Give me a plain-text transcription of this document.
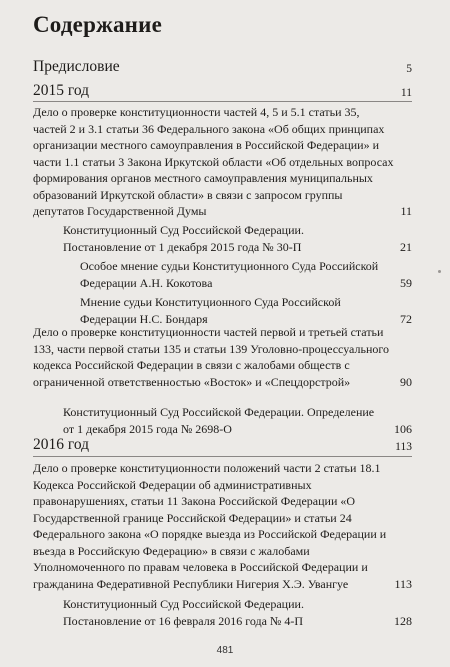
Содержание
Предисловие	5
2015 год	11
Дело о проверке конституционности частей 4, 5 и 5.1 статьи 35, частей 2 и 3.1 статьи 36 Федерального закона «Об общих принципах организации местного самоуправления в Российской Федерации» и части 1.1 статьи 3 Закона Иркутской области «Об отдельных вопросах формирования органов местного самоуправления муниципальных образований Иркутской области» в связи с запросом группы депутатов Государственной Думы	11
Конституционный Суд Российской Федерации. Постановление от 1 декабря 2015 года № 30-П	21
Особое мнение судьи Конституционного Суда Российской Федерации А.Н. Кокотова	59
Мнение судьи Конституционного Суда Российской Федерации Н.С. Бондаря	72
Дело о проверке конституционности частей первой и третьей статьи 133, части первой статьи 135 и статьи 139 Уголовно-процессуального кодекса Российской Федерации в связи с жалобами обществ с ограниченной ответственностью «Восток» и «Спецдорстрой»	90
Конституционный Суд Российской Федерации. Определение от 1 декабря 2015 года № 2698-О	106
2016 год	113
Дело о проверке конституционности положений части 2 статьи 18.1 Кодекса Российской Федерации об административных правонарушениях, статьи 11 Закона Российской Федерации «О Государственной границе Российской Федерации» и статьи 24 Федерального закона «О порядке выезда из Российской Федерации и въезда в Российскую Федерацию» в связи с жалобами Уполномоченного по правам человека в Российской Федерации и гражданина Федеративной Республики Нигерия Х.Э. Увангуе	113
Конституционный Суд Российской Федерации. Постановление от 16 февраля 2016 года № 4-П	128
481
